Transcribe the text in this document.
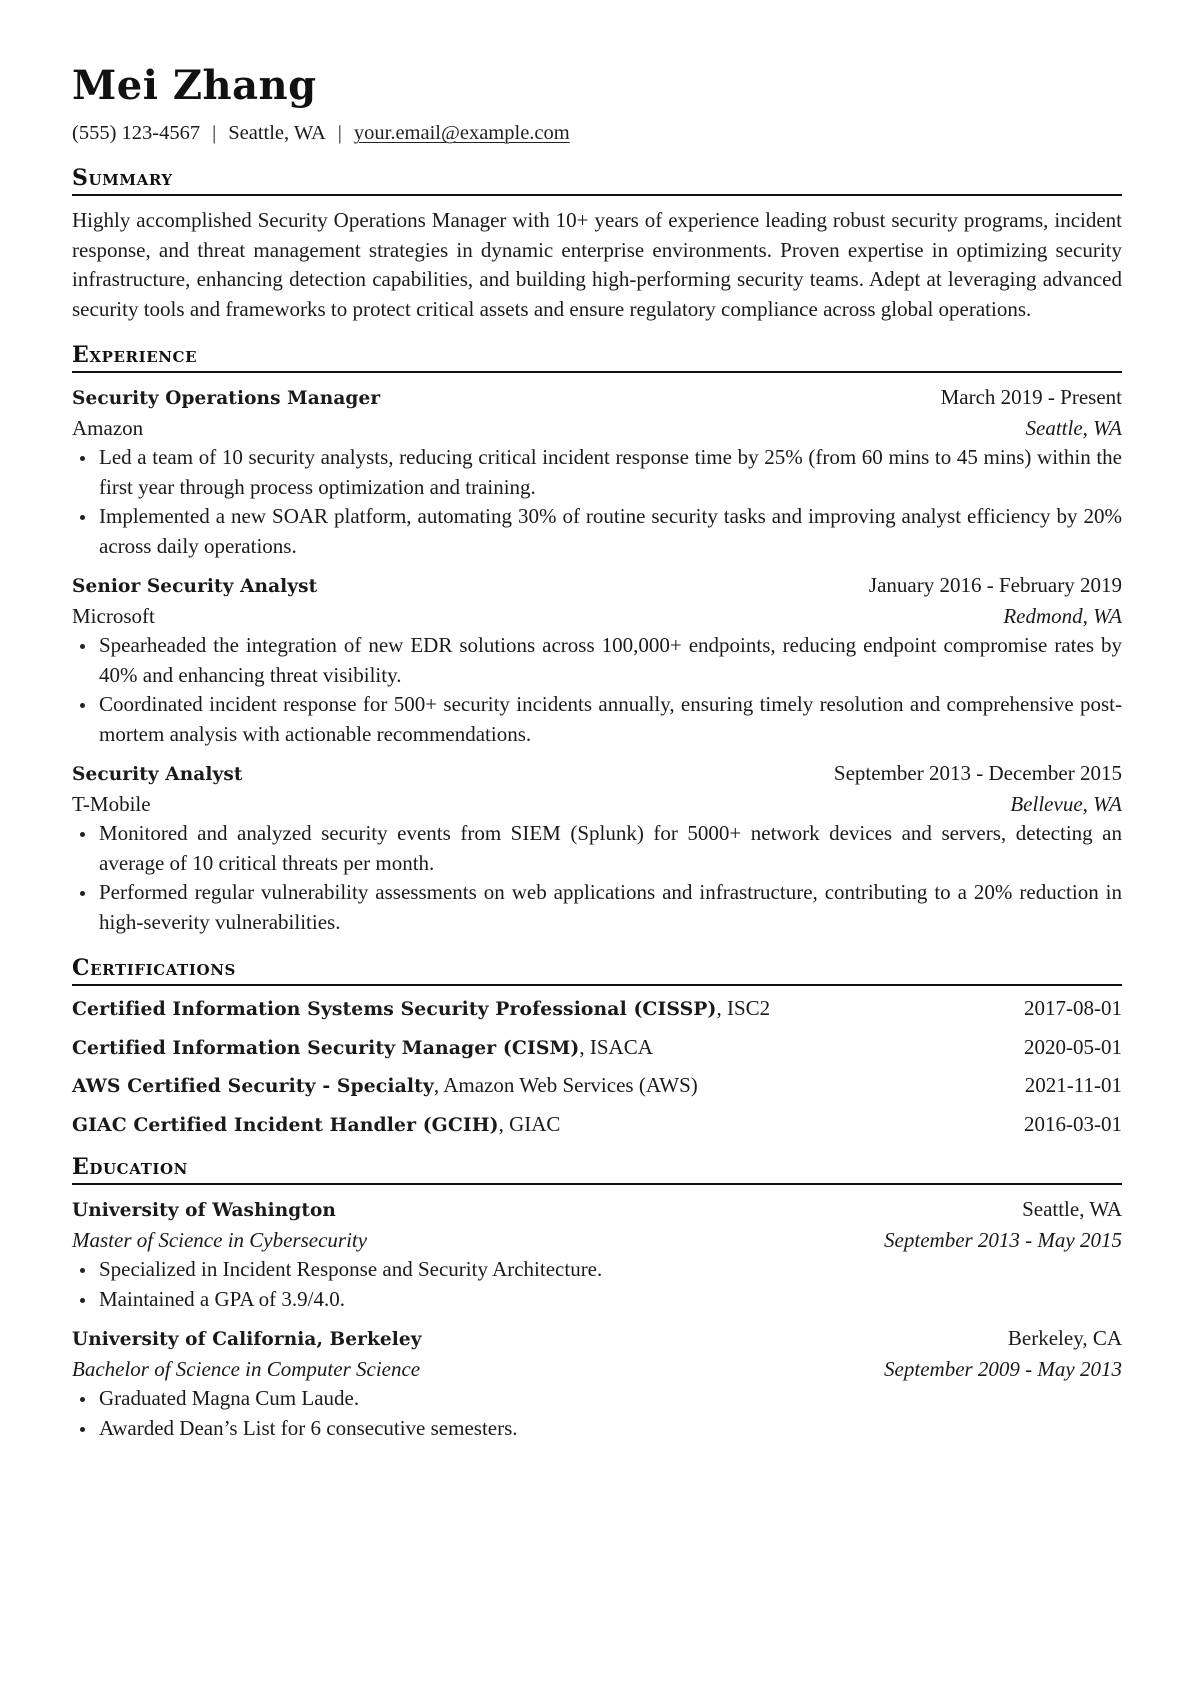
Mei Zhang
(555) 123-4567 | Seattle, WA | your.email@example.com
Summary
Highly accomplished Security Operations Manager with 10+ years of experience leading robust security programs, incident response, and threat management strategies in dynamic enterprise environments. Proven expertise in optimizing security infrastructure, enhancing detection capabilities, and building high-performing security teams. Adept at leveraging advanced security tools and frameworks to protect critical assets and ensure regulatory compliance across global operations.
Experience
Security Operations Manager	March 2019 - Present
Amazon	Seattle, WA
Led a team of 10 security analysts, reducing critical incident response time by 25% (from 60 mins to 45 mins) within the first year through process optimization and training.
Implemented a new SOAR platform, automating 30% of routine security tasks and improving analyst efficiency by 20% across daily operations.
Senior Security Analyst	January 2016 - February 2019
Microsoft	Redmond, WA
Spearheaded the integration of new EDR solutions across 100,000+ endpoints, reducing endpoint compromise rates by 40% and enhancing threat visibility.
Coordinated incident response for 500+ security incidents annually, ensuring timely resolution and comprehensive post-mortem analysis with actionable recommendations.
Security Analyst	September 2013 - December 2015
T-Mobile	Bellevue, WA
Monitored and analyzed security events from SIEM (Splunk) for 5000+ network devices and servers, detecting an average of 10 critical threats per month.
Performed regular vulnerability assessments on web applications and infrastructure, contributing to a 20% reduction in high-severity vulnerabilities.
Certifications
Certified Information Systems Security Professional (CISSP), ISC2	2017-08-01
Certified Information Security Manager (CISM), ISACA	2020-05-01
AWS Certified Security - Specialty, Amazon Web Services (AWS)	2021-11-01
GIAC Certified Incident Handler (GCIH), GIAC	2016-03-01
Education
University of Washington	Seattle, WA
Master of Science in Cybersecurity	September 2013 - May 2015
Specialized in Incident Response and Security Architecture.
Maintained a GPA of 3.9/4.0.
University of California, Berkeley	Berkeley, CA
Bachelor of Science in Computer Science	September 2009 - May 2013
Graduated Magna Cum Laude.
Awarded Dean’s List for 6 consecutive semesters.
